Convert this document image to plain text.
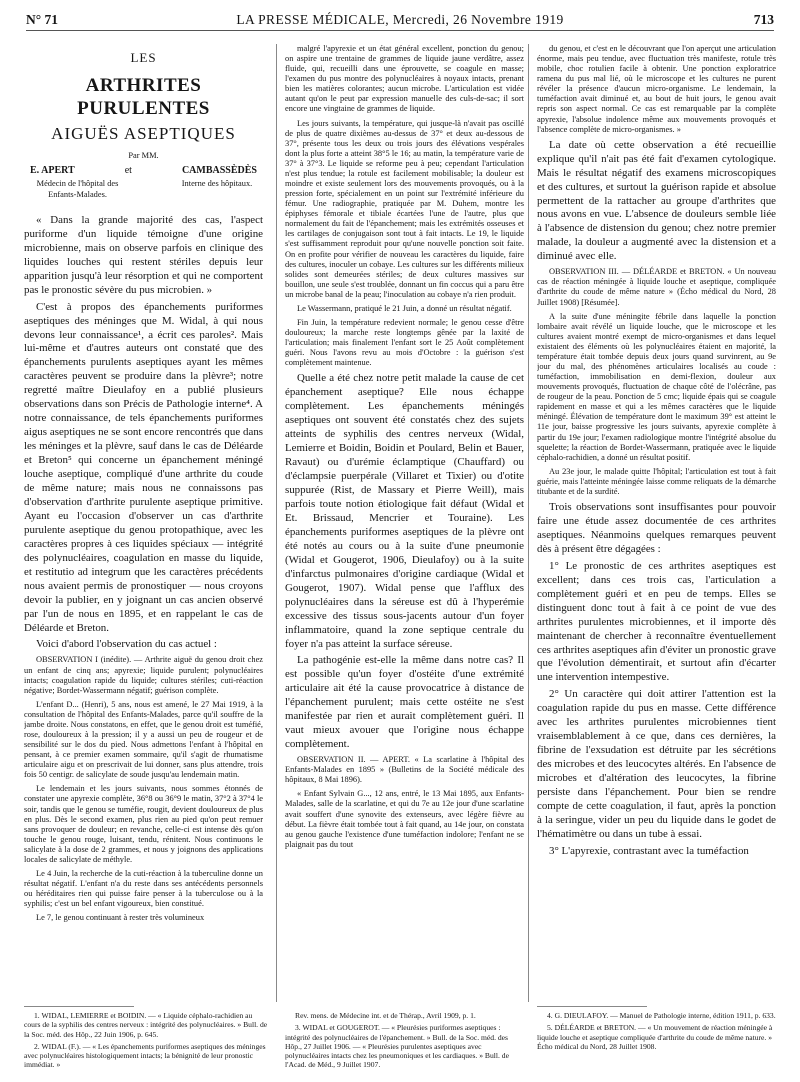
N° 71	LA PRESSE MÉDICALE, Mercredi, 26 Novembre 1919	713
LES
ARTHRITES PURULENTES
AIGUËS ASEPTIQUES
Par MM.
E. APERT	et	CAMBASSÈDÈS
Médecin de l'hôpital des Enfants-Malades.
Interne des hôpitaux.

« Dans la grande majorité des cas, l'aspect puriforme d'un liquide témoigne d'une origine microbienne, mais on observe parfois en clinique des liquides louches qui restent stériles depuis leur apparition jusqu'à leur résorption et qui ne comportent pas le pronostic sévère du pus microbien. »

C'est à propos des épanchements puriformes aseptiques des méninges que M. Widal, à qui nous devons leur connaissance¹, a écrit ces paroles². Mais lui-même et d'autres auteurs ont constaté que des épanchements purulents aseptiques ayant les mêmes caractères peuvent se produire dans la plèvre³; notre regretté maître Dieulafoy en a publié plusieurs observations dans son Précis de Pathologie interne⁴. A notre connaissance, de tels épanchements puriformes aigus aseptiques ne se sont encore rencontrés que dans les méninges et la plèvre, sauf dans le cas de Déléarde et Breton⁵ qui concerne un épanchement méningé louche aseptique, compliqué d'une arthrite du coude de même nature; mais nous ne connaissons pas d'observation d'arthrite purulente aseptique primitive. Ayant eu l'occasion d'observer un cas d'arthrite purulente aseptique du genou protopathique, avec les caractères propres à ces liquides spéciaux — intégrité des polynucléaires, coagulation en masse du liquide, et restitutio ad integrum que les caractères précédents nous avaient permis de pronostiquer — nous croyons devoir la publier, en y joignant un cas ancien observé par l'un de nous en 1895, et en rappelant le cas de Déléarde et Breton.

Voici d'abord l'observation du cas actuel :

OBSERVATION I (inédite). — Arthrite aiguë du genou droit chez un enfant de cinq ans; apyrexie; liquide purulent; polynucléaires intacts; coagulation rapide du liquide; cultures stériles; cuti-réaction négative; Bordet-Wassermann négatif; guérison complète.

L'enfant D... (Henri), 5 ans, nous est amené, le 27 Mai 1919, à la consultation de l'hôpital des Enfants-Malades, parce qu'il souffre de la jambe droite. Nous constatons, en effet, que le genou droit est tuméfié, rose, douloureux à la pression; il y a aussi un peu de rougeur et de sensibilité sur le dos du pied. Nous admettons l'enfant à l'hôpital en pensant, à ce premier examen sommaire, qu'il s'agit de rhumatisme articulaire aigu et on prescrivait de lui donner, sans plus attendre, trois fois 50 centigr. de salicylate de soude jusqu'au lendemain matin.

Le lendemain et les jours suivants, nous sommes étonnés de constater une apyrexie complète, 36°8 ou 36°9 le matin, 37°2 à 37°4 le soir, tandis que le genou se tuméfie, rougit, devient douloureux de plus en plus. Dès le second examen, plus rien au pied qu'on peut remuer sans provoquer de douleur; en revanche, celle-ci est intense dès qu'on touche le genou rouge, luisant, tendu, rénitent. Nous continuons le salicylate à la dose de 2 grammes, et nous y joignons des applications locales de salicylate de méthyle.

Le 4 Juin, la recherche de la cuti-réaction à la tuberculine donne un résultat négatif. L'enfant n'a du reste dans ses antécédents personnels ou héréditaires rien qui puisse faire penser à la tuberculose ou à la syphilis; c'est un bel enfant vigoureux, bien constitué.

Le 7, le genou continuant à rester très volumineux

malgré l'apyrexie et un état général excellent, ponction du genou; on aspire une trentaine de grammes de liquide jaune verdâtre, assez fluide, qui, recueilli dans une éprouvette, se coagule en masse; l'examen du pus montre des polynucléaires à noyaux intacts, prenant bien les matières colorantes; aucun microbe. L'articulation est vidée autant qu'on le peut par expression manuelle des culs-de-sac; il sort encore une vingtaine de grammes de liquide.

Les jours suivants, la température, qui jusque-là n'avait pas oscillé de plus de quatre dixièmes au-dessus de 37° et deux au-dessous de 37°, présente tous les deux ou trois jours des élévations vespérales dont la plus forte a atteint 38°5 le 16; au matin, la température varie de 37° à 37°3. Le liquide se reforme peu à peu; cependant l'articulation n'est plus tendue; la rotule est facilement mobilisable; la douleur est moindre et existe seulement lors des mouvements provoqués, ou à la pression forte, spécialement en un point sur l'extrémité inférieure du fémur. Une radiographie, pratiquée par M. Duhem, montre les épiphyses fémorale et tibiale écartées l'une de l'autre, plus que normalement du fait de l'épanchement; mais les extrémités osseuses et les cartilages de conjugaison sont tout à fait intacts. Le 19, le liquide s'est suffisamment reproduit pour qu'une nouvelle ponction soit faite. On en profite pour vérifier de nouveau les caractères du liquide, faire des cultures, inoculer un cobaye. Les cultures sur les différents milieux solides sont demeurées stériles; de deux cultures massives sur bouillon, une seule s'est troublée, donnant un fin coccus qui a paru être un microbe banal de la peau; l'inoculation au cobaye n'a rien produit.

Le Wassermann, pratiqué le 21 Juin, a donné un résultat négatif.

Fin Juin, la température redevient normale; le genou cesse d'être douloureux; la marche reste longtemps gênée par la laxité de l'articulation; mais finalement l'enfant sort le 25 Août complètement guéri. Nous l'avons revu au mois d'Octobre : la guérison s'est complètement maintenue.

Quelle a été chez notre petit malade la cause de cet épanchement aseptique? Elle nous échappe complètement. Les épanchements méningés aseptiques ont souvent été constatés chez des sujets atteints de syphilis des centres nerveux (Widal, Lemierre et Boidin, Boidin et Poulard, Belin et Bauer, Ravaut) ou d'urémie éclamptique (Chauffard) ou d'éclampsie puerpérale (Villaret et Tixier) ou d'otite suppurée (Rist, de Massary et Pierre Weill), mais parfois toute notion étiologique fait défaut (Widal et Et. Brissaud, Mencrier et Touraine). Les épanchements puriformes aseptiques de la plèvre ont été notés au cours ou à la suite d'une pneumonie (Widal et Gougerot, 1906, Dieulafoy) ou à la suite d'infarctus pulmonaires d'origine cardiaque (Widal et Gougerot, 1907). Widal pense que l'afflux des polynucléaires dans la séreuse est dû à l'hyperémie excessive des tissus sous-jacents autour d'un foyer inflammatoire, quand la zone septique centrale du foyer n'a pas atteint la surface séreuse.

La pathogénie est-elle la même dans notre cas? Il est possible qu'un foyer d'ostéite d'une extrémité articulaire ait été la cause provocatrice à distance de l'épanchement purulent; mais cette ostéite ne s'est manifestée par rien et aurait complètement guéri. Il vaut mieux avouer que l'origine nous échappe complètement.

OBSERVATION II. — APERT. « La scarlatine à l'hôpital des Enfants-Malades en 1895 » (Bulletins de la Société médicale des hôpitaux, 8 Mai 1896).

« Enfant Sylvain G..., 12 ans, entré, le 13 Mai 1895, aux Enfants-Malades, salle de la scarlatine, et qui du 7e au 12e jour d'une scarlatine avait souffert d'une synovite des extenseurs, avec légère fièvre au début. La fièvre était tombée tout à fait quand, au 14e jour, on constata au genou gauche l'existence d'une tuméfaction indolore; l'enfant ne se plaignait pas du tout

du genou, et c'est en le découvrant que l'on aperçut une articulation énorme, mais peu tendue, avec fluctuation très manifeste, rotule très mobile, choc rotulien facile à obtenir. Une ponction exploratrice ramena du pus mal lié, où le microscope et les cultures ne purent révéler la présence d'aucun micro-organisme. Le lendemain, la tuméfaction avait diminué et, au bout de huit jours, le genou avait repris son aspect normal. Ce cas est remarquable par la complète apyrexie, l'absolue indolence même aux mouvements provoqués et l'absence complète de micro-organismes. »

La date où cette observation a été recueillie explique qu'il n'ait pas été fait d'examen cytologique. Mais le résultat négatif des examens microscopiques et des cultures, et surtout la guérison rapide et absolue permettent de la rattacher au groupe d'arthrites que nous avons en vue. L'absence de douleurs semble liée à l'absence de distension du genou; chez notre premier malade, la douleur a augmenté avec la distension et a diminué avec elle.

OBSERVATION III. — DÉLÉARDE et BRETON. « Un nouveau cas de réaction méningée à liquide louche et aseptique, compliquée d'arthrite du coude de même nature » (Écho médical du Nord, 28 Juillet 1908) [Résumée].

A la suite d'une méningite fébrile dans laquelle la ponction lombaire avait révélé un liquide louche, que le microscope et les cultures avaient montré exempt de micro-organismes et dans lequel existaient des éléments où les polynucléaires étaient en majorité, la température était tombée depuis deux jours quand survinrent, au 9e jour du mal, des phénomènes articulaires localisés au coude : tuméfaction, immobilisation en demi-flexion, douleur aux mouvements provoqués, fluctuation de chaque côté de l'olécrâne, pas de rougeur de la peau. Ponction de 5 cmc; liquide épais qui se coagule rapidement en masse et qui a les mêmes caractères que le liquide méningé. Élévation de température dont le maximum 39° est atteint le 11e jour, baisse progressive les jours suivants, apyrexie complète à partir du 19e jour; l'examen radiologique montre l'intégrité absolue du squelette; la réaction de Bordet-Wassermann, pratiquée avec le liquide céphalo-rachidien, a donné un résultat positif.

Au 23e jour, le malade quitte l'hôpital; l'articulation est tout à fait guérie, mais l'atteinte méningée laisse comme reliquats de la démarche titubante et de la surdité.

Trois observations sont insuffisantes pour pouvoir faire une étude assez documentée de ces arthrites aseptiques. Néanmoins quelques remarques peuvent dès à présent être dégagées :

1° Le pronostic de ces arthrites aseptiques est excellent; dans ces trois cas, l'articulation a complètement guéri et en peu de temps. Elles se distinguent donc tout à fait à ce point de vue des arthrites purulentes microbiennes, et il importe dès maintenant de chercher à reconnaître éventuellement ces arthrites aseptiques afin d'éviter un pronostic grave que l'évolution démentirait, et surtout afin d'écarter une intervention intempestive.

2° Un caractère qui doit attirer l'attention est la coagulation rapide du pus en masse. Cette différence avec les arthrites purulentes microbiennes tient vraisemblablement à ce que, dans ces dernières, la fibrine de l'exsudation est détruite par les sécrétions des microbes et des leucocytes altérés. En l'absence de microbes et d'altération des leucocytes, la fibrine persiste dans l'épanchement. Pour bien se rendre compte de cette coagulation, il faut, après la ponction à la seringue, vider un peu du liquide dans le godet de l'hématimètre ou dans un tube à essai.

3° L'apyrexie, contrastant avec la tuméfaction

1. WIDAL, LEMIERRE et BOIDIN. — « Liquide céphalo-rachidien au cours de la syphilis des centres nerveux : intégrité des polynucléaires. » Bull. de la Soc. méd. des Hôp., 22 Juin 1906, p. 645.

2. WIDAL (F.). — « Les épanchements puriformes aseptiques des méninges avec polynucléaires histologiquement intacts; la bénignité de leur pronostic immédiat. »

Rev. mens. de Médecine int. et de Thérap., Avril 1909, p. 1.

3. WIDAL et GOUGEROT. — « Pleurésies puriformes aseptiques : intégrité des polynucléaires de l'épanchement. » Bull. de la Soc. méd. des Hôp., 27 Juillet 1906. — « Pleurésies purulentes aseptiques avec polynucléaires intacts chez les pneumoniques et les cardiaques. » Bull. de l'Acad. de Méd., 9 Juillet 1907.

4. G. DIEULAFOY. — Manuel de Pathologie interne, édition 1911, p. 633.

5. DÉLÉARDE et BRETON. — « Un mouvement de réaction méningée à liquide louche et aseptique compliquée d'arthrite du coude de même nature. » Écho médical du Nord, 28 Juillet 1908.
